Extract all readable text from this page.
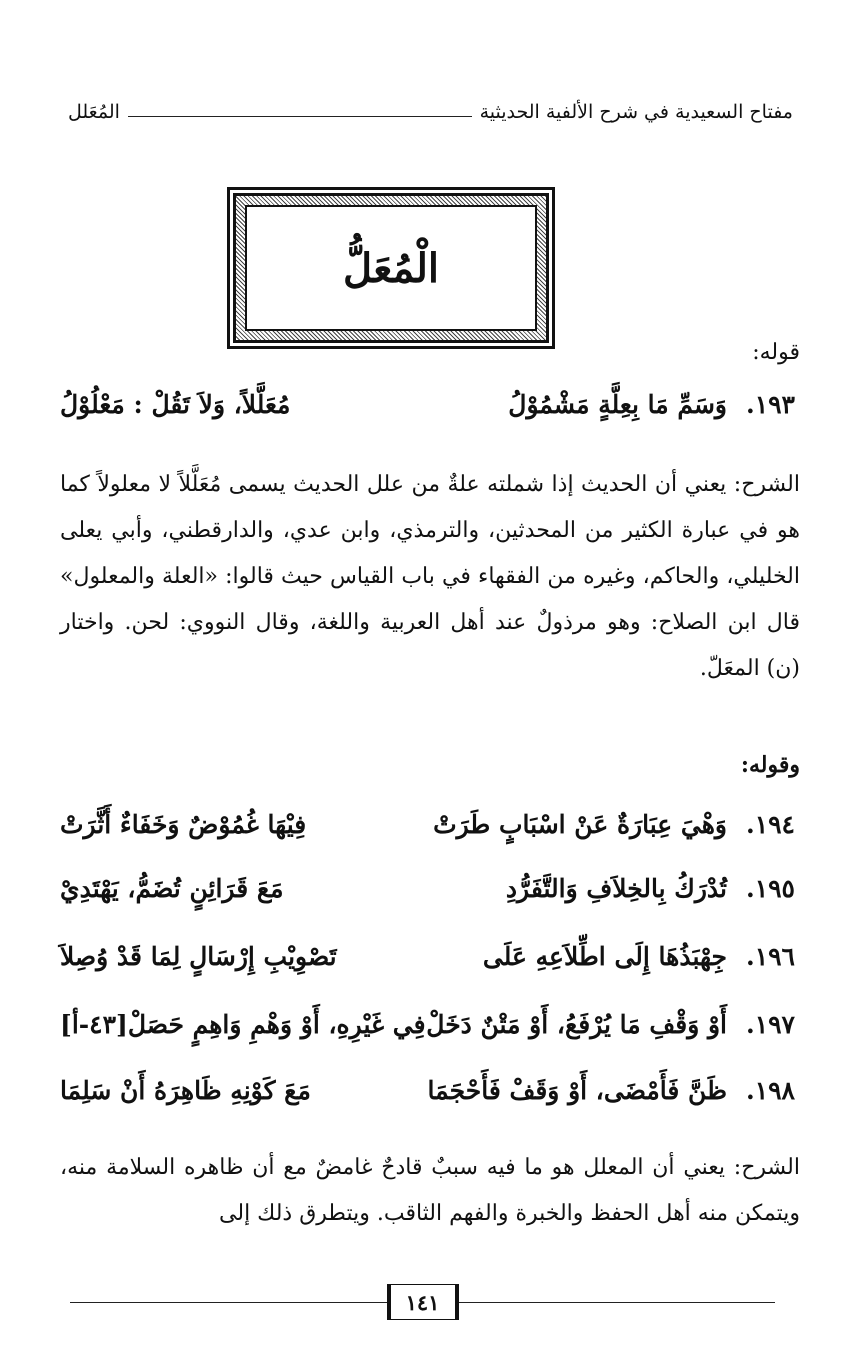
مفتاح السعيدية في شرح الألفية الحديثية
المُعَلل
الْمُعَلُّ
قوله:
١٩٣.
وَسَمِّ مَا بِعِلَّةٍ مَشْمُوْلُ
مُعَلَّلاً، وَلاَ تَقُلْ : مَعْلُوْلُ
الشرح: يعني أن الحديث إذا شملته علةٌ من علل الحديث يسمى مُعَلَّلاً لا معلولاً كما هو في عبارة الكثير من المحدثين، والترمذي، وابن عدي، والدارقطني، وأبي يعلى الخليلي، والحاكم، وغيره من الفقهاء في باب القياس حيث قالوا: «العلة والمعلول» قال ابن الصلاح: وهو مرذولٌ عند أهل العربية واللغة، وقال النووي: لحن. واختار (ن) المعَلّ.
وقوله:
١٩٤.
وَهْيَ عِبَارَةٌ عَنْ اسْبَابٍ طَرَتْ
فِيْهَا غُمُوْضٌ وَخَفَاءٌ أَثَّرَتْ
١٩٥.
تُدْرَكُ بِالخِلاَفِ وَالتَّفَرُّدِ
مَعَ قَرَائِنٍ تُضَمُّ، يَهْتَدِيْ
١٩٦.
جِهْبَذُهَا إِلَى اطِّلاَعِهِ عَلَى
تَصْوِيْبِ إِرْسَالٍ لِمَا قَدْ وُصِلاَ
١٩٧.
أَوْ وَقْفِ مَا يُرْفَعُ، أَوْ مَتْنٌ دَخَلْ
فِي غَيْرِهِ، أَوْ وَهْمِ وَاهِمٍ حَصَلْ[٤٣-أ]
١٩٨.
ظَنَّ فَأَمْضَى، أَوْ وَقَفْ فَأَحْجَمَا
مَعَ كَوْنِهِ ظَاهِرَهُ أَنْ سَلِمَا
الشرح: يعني أن المعلل هو ما فيه سببٌ قادحٌ غامضٌ مع أن ظاهره السلامة منه، ويتمكن منه أهل الحفظ والخبرة والفهم الثاقب. ويتطرق ذلك إلى
١٤١
